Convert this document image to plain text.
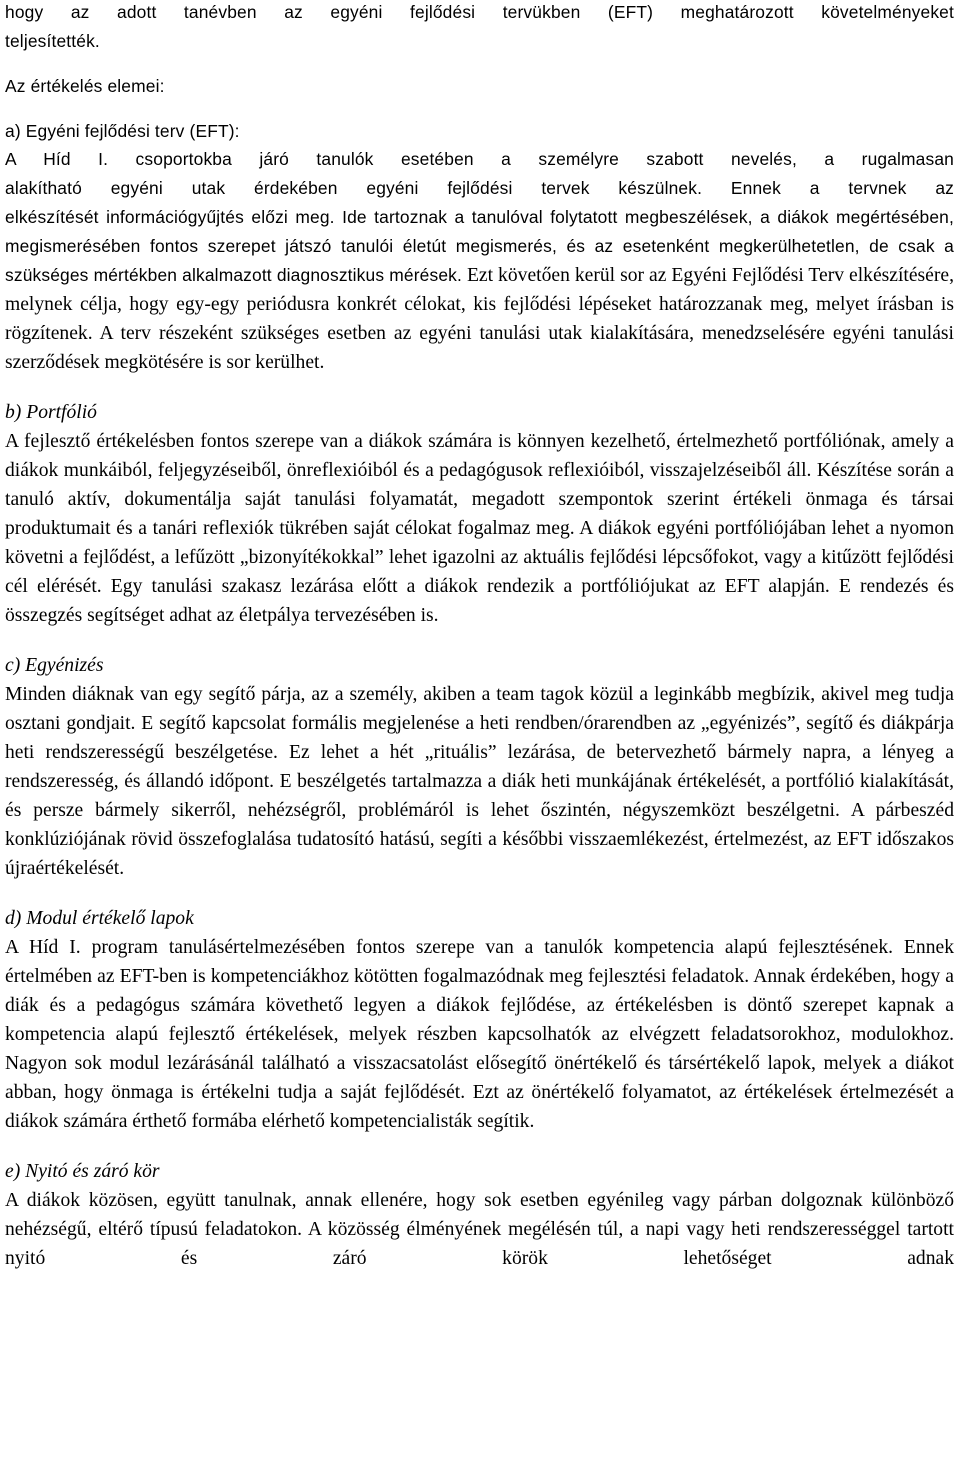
hogy az adott tanévben az egyéni fejlődési tervükben (EFT) meghatározott követelményeket
teljesítették.

Az értékelés elemei:

a) Egyéni fejlődési terv (EFT):

A Híd I. csoportokba járó tanulók esetében a személyre szabott nevelés, a rugalmasan
alakítható egyéni utak érdekében egyéni fejlődési tervek készülnek. Ennek a tervnek az
elkészítését információgyűjtés előzi meg. Ide tartoznak a tanulóval folytatott megbeszélések, a diákok megértésében, megismerésében fontos szerepet játszó tanulói életút megismerés, és az esetenként megkerülhetetlen, de csak a szükséges mértékben alkalmazott diagnosztikus mérések. Ezt követően kerül sor az Egyéni Fejlődési Terv elkészítésére, melynek célja, hogy egy-egy periódusra konkrét célokat, kis fejlődési lépéseket határozzanak meg, melyet írásban is rögzítenek. A terv részeként szükséges esetben az egyéni tanulási utak kialakítására, menedzselésére egyéni tanulási szerződések megkötésére is sor kerülhet.

b) Portfólió

A fejlesztő értékelésben fontos szerepe van a diákok számára is könnyen kezelhető, értelmezhető portfóliónak, amely a diákok munkáiból, feljegyzéseiből, önreflexióiból és a pedagógusok reflexióiból, visszajelzéseiből áll. Készítése során a tanuló aktív, dokumentálja saját tanulási folyamatát, megadott szempontok szerint értékeli önmaga és társai produktumait és a tanári reflexiók tükrében saját célokat fogalmaz meg. A diákok egyéni portfóliójában lehet a nyomon követni a fejlődést, a lefűzött „bizonyítékokkal” lehet igazolni az aktuális fejlődési lépcsőfokot, vagy a kitűzött fejlődési cél elérését. Egy tanulási szakasz lezárása előtt a diákok rendezik a portfóliójukat az EFT alapján. E rendezés és összegzés segítséget adhat az életpálya tervezésében is.

c) Egyénizés

Minden diáknak van egy segítő párja, az a személy, akiben a team tagok közül a leginkább megbízik, akivel meg tudja osztani gondjait. E segítő kapcsolat formális megjelenése a heti rendben/órarendben az „egyénizés”, segítő és diákpárja heti rendszerességű beszélgetése. Ez lehet a hét „rituális” lezárása, de betervezhető bármely napra, a lényeg a rendszeresség, és állandó időpont. E beszélgetés tartalmazza a diák heti munkájának értékelését, a portfólió kialakítását, és persze bármely sikerről, nehézségről, problémáról is lehet őszintén, négyszemközt beszélgetni. A párbeszéd konklúziójának rövid összefoglalása tudatosító hatású, segíti a későbbi visszaemlékezést, értelmezést, az EFT időszakos újraértékelését.

d) Modul értékelő lapok

A Híd I. program tanulásértelmezésében fontos szerepe van a tanulók kompetencia alapú fejlesztésének. Ennek értelmében az EFT-ben is kompetenciákhoz kötötten fogalmazódnak meg fejlesztési feladatok. Annak érdekében, hogy a diák és a pedagógus számára követhető legyen a diákok fejlődése, az értékelésben is döntő szerepet kapnak a kompetencia alapú fejlesztő értékelések, melyek részben kapcsolhatók az elvégzett feladatsorokhoz, modulokhoz. Nagyon sok modul lezárásánál található a visszacsatolást elősegítő önértékelő és társértékelő lapok, melyek a diákot abban, hogy önmaga is értékelni tudja a saját fejlődését. Ezt az önértékelő folyamatot, az értékelések értelmezését a diákok számára érthető formába elérhető kompetencialisták segítik.

e) Nyitó és záró kör

A diákok közösen, együtt tanulnak, annak ellenére, hogy sok esetben egyénileg vagy párban dolgoznak különböző nehézségű, eltérő típusú feladatokon. A közösség élményének megélésén túl, a napi vagy heti rendszerességgel tartott nyitó és záró körök lehetőséget adnak
